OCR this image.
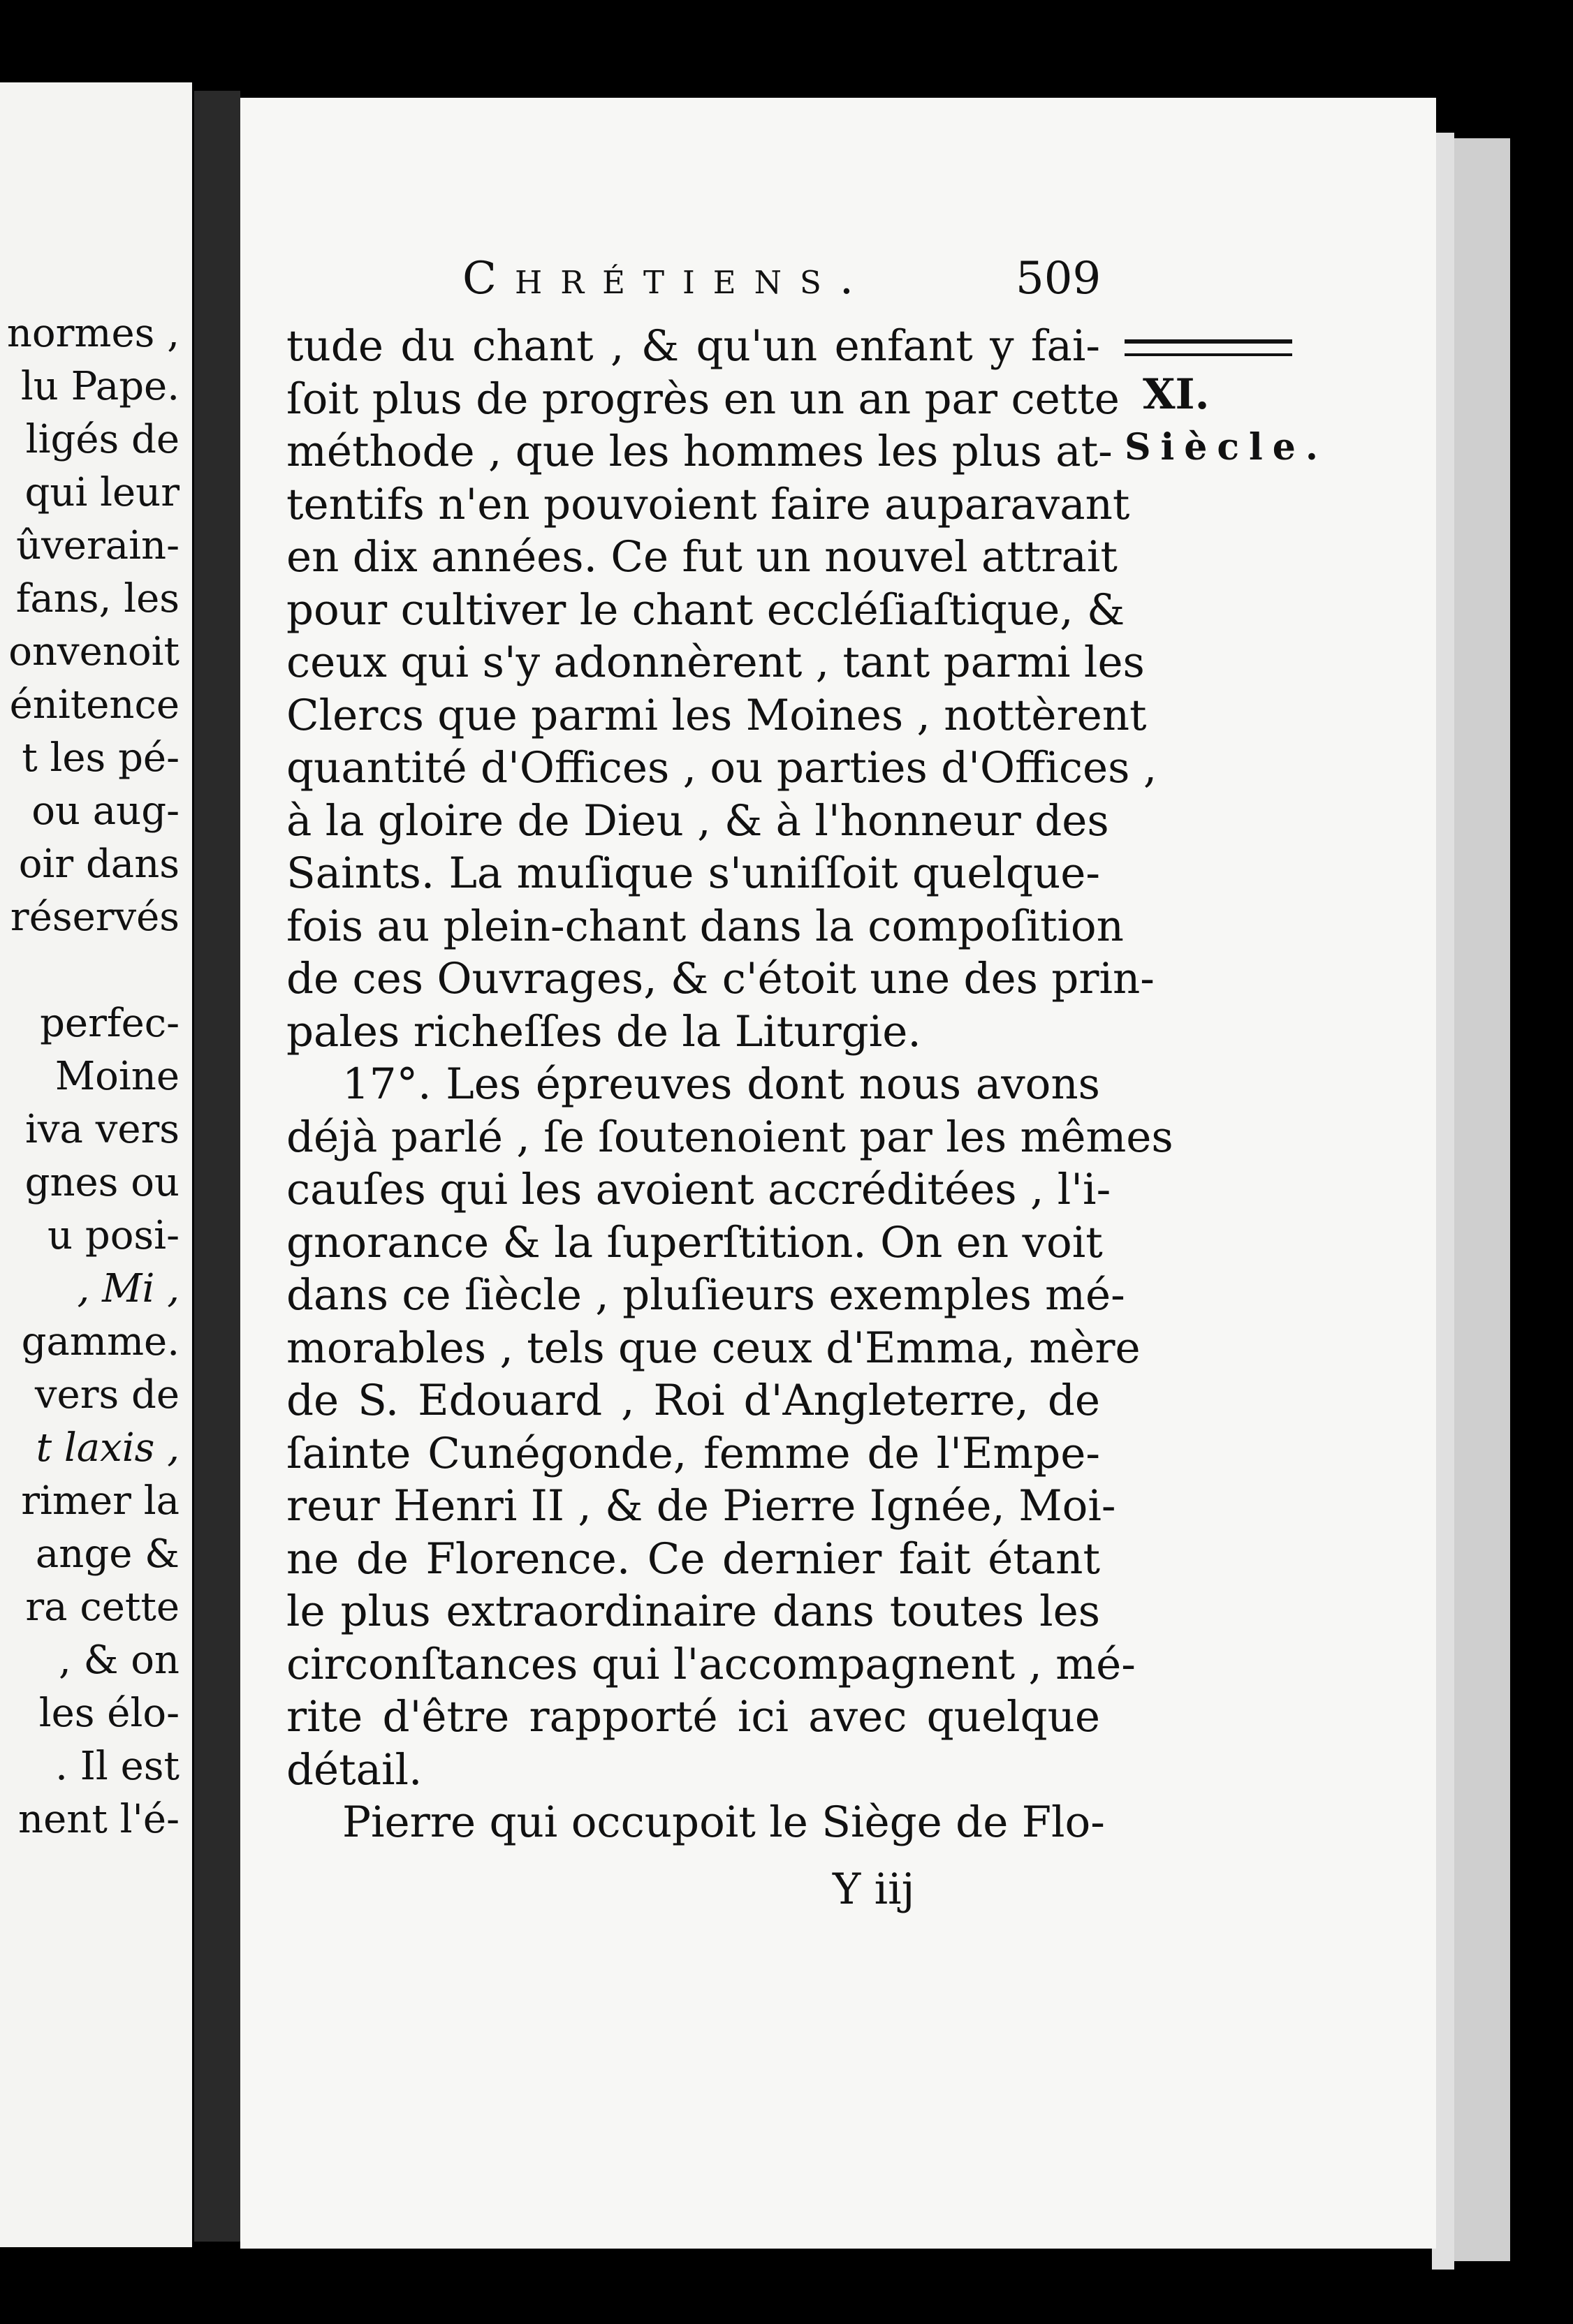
normes ,
lu Pape.
ligés de
qui leur
ûverain-
fans, les
onvenoit
énitence
t les pé-
ou aug-
oir dans
réservés
perfec-
Moine
iva vers
gnes ou
u posi-
, Mi ,
gamme.
vers de
t laxis ,
rimer la
ange &
ra cette
, & on
les élo-
. Il est
nent l'é-
Chrétiens.	509
XI.
Siècle.
tude du chant , & qu'un enfant y fai-
ſoit plus de progrès en un an par cette
méthode , que les hommes les plus at-
tentifs n'en pouvoient faire auparavant
en dix années. Ce fut un nouvel attrait
pour cultiver le chant eccléſiaſtique, &
ceux qui s'y adonnèrent , tant parmi les
Clercs que parmi les Moines , nottèrent
quantité d'Offices , ou parties d'Offices ,
à la gloire de Dieu , & à l'honneur des
Saints. La muſique s'uniſſoit quelque-
fois au plein-chant dans la compoſition
de ces Ouvrages, & c'étoit une des prin-
pales richeſſes de la Liturgie.
17°. Les épreuves dont nous avons
déjà parlé , ſe ſoutenoient par les mêmes
cauſes qui les avoient accréditées , l'i-
gnorance & la ſuperſtition. On en voit
dans ce ſiècle , pluſieurs exemples mé-
morables , tels que ceux d'Emma, mère
de S. Edouard , Roi d'Angleterre, de
ſainte Cunégonde, femme de l'Empe-
reur Henri II , & de Pierre Ignée, Moi-
ne de Florence. Ce dernier fait étant
le plus extraordinaire dans toutes les
circonſtances qui l'accompagnent , mé-
rite d'être rapporté ici avec quelque
détail.
Pierre qui occupoit le Siège de Flo-
Y iij
